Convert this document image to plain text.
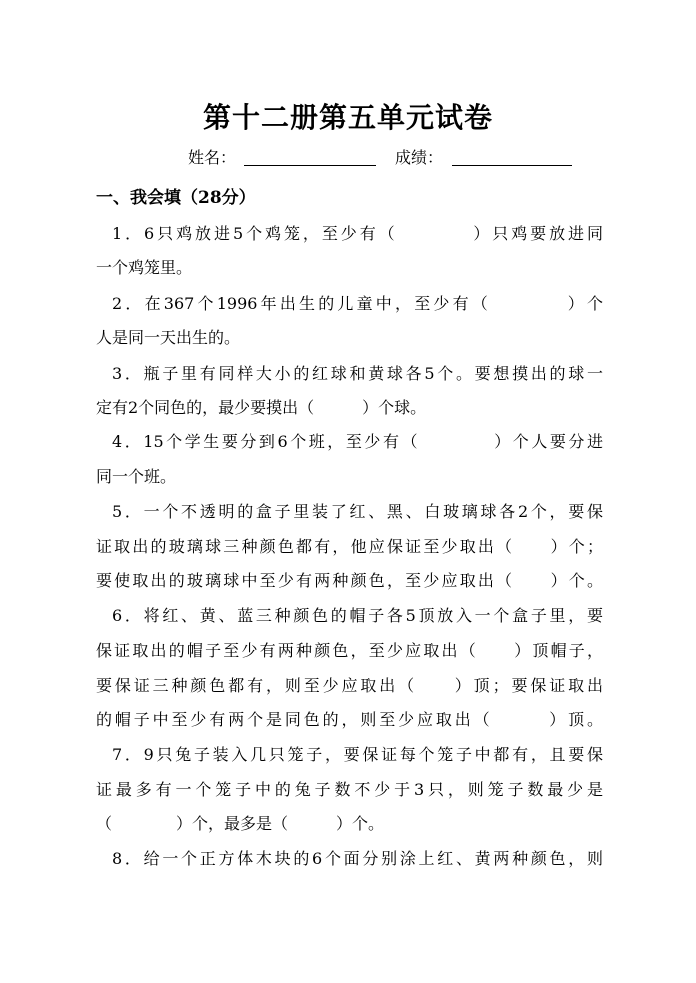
第十二册第五单元试卷
姓名：	成绩：
一、我会填（28分）
1．6只鸡放进5个鸡笼，至少有（　　　　）只鸡要放进同
一个鸡笼里。
2．在367个1996年出生的儿童中，至少有（　　　　）个
人是同一天出生的。
3．瓶子里有同样大小的红球和黄球各5个。要想摸出的球一
定有2个同色的，最少要摸出（　　　）个球。
4．15个学生要分到6个班，至少有（　　　　）个人要分进
同一个班。
5．一个不透明的盒子里装了红、黑、白玻璃球各2个，要保
证取出的玻璃球三种颜色都有，他应保证至少取出（　　）个；
要使取出的玻璃球中至少有两种颜色，至少应取出（　　）个。
6．将红、黄、蓝三种颜色的帽子各5顶放入一个盒子里，要
保证取出的帽子至少有两种颜色，至少应取出（　　）顶帽子，
要保证三种颜色都有，则至少应取出（　　）顶；要保证取出
的帽子中至少有两个是同色的，则至少应取出（　　　）顶。
7．9只兔子装入几只笼子，要保证每个笼子中都有，且要保
证最多有一个笼子中的兔子数不少于3只，则笼子数最少是
（　　　　）个，最多是（　　　）个。
8．给一个正方体木块的6个面分别涂上红、黄两种颜色，则
